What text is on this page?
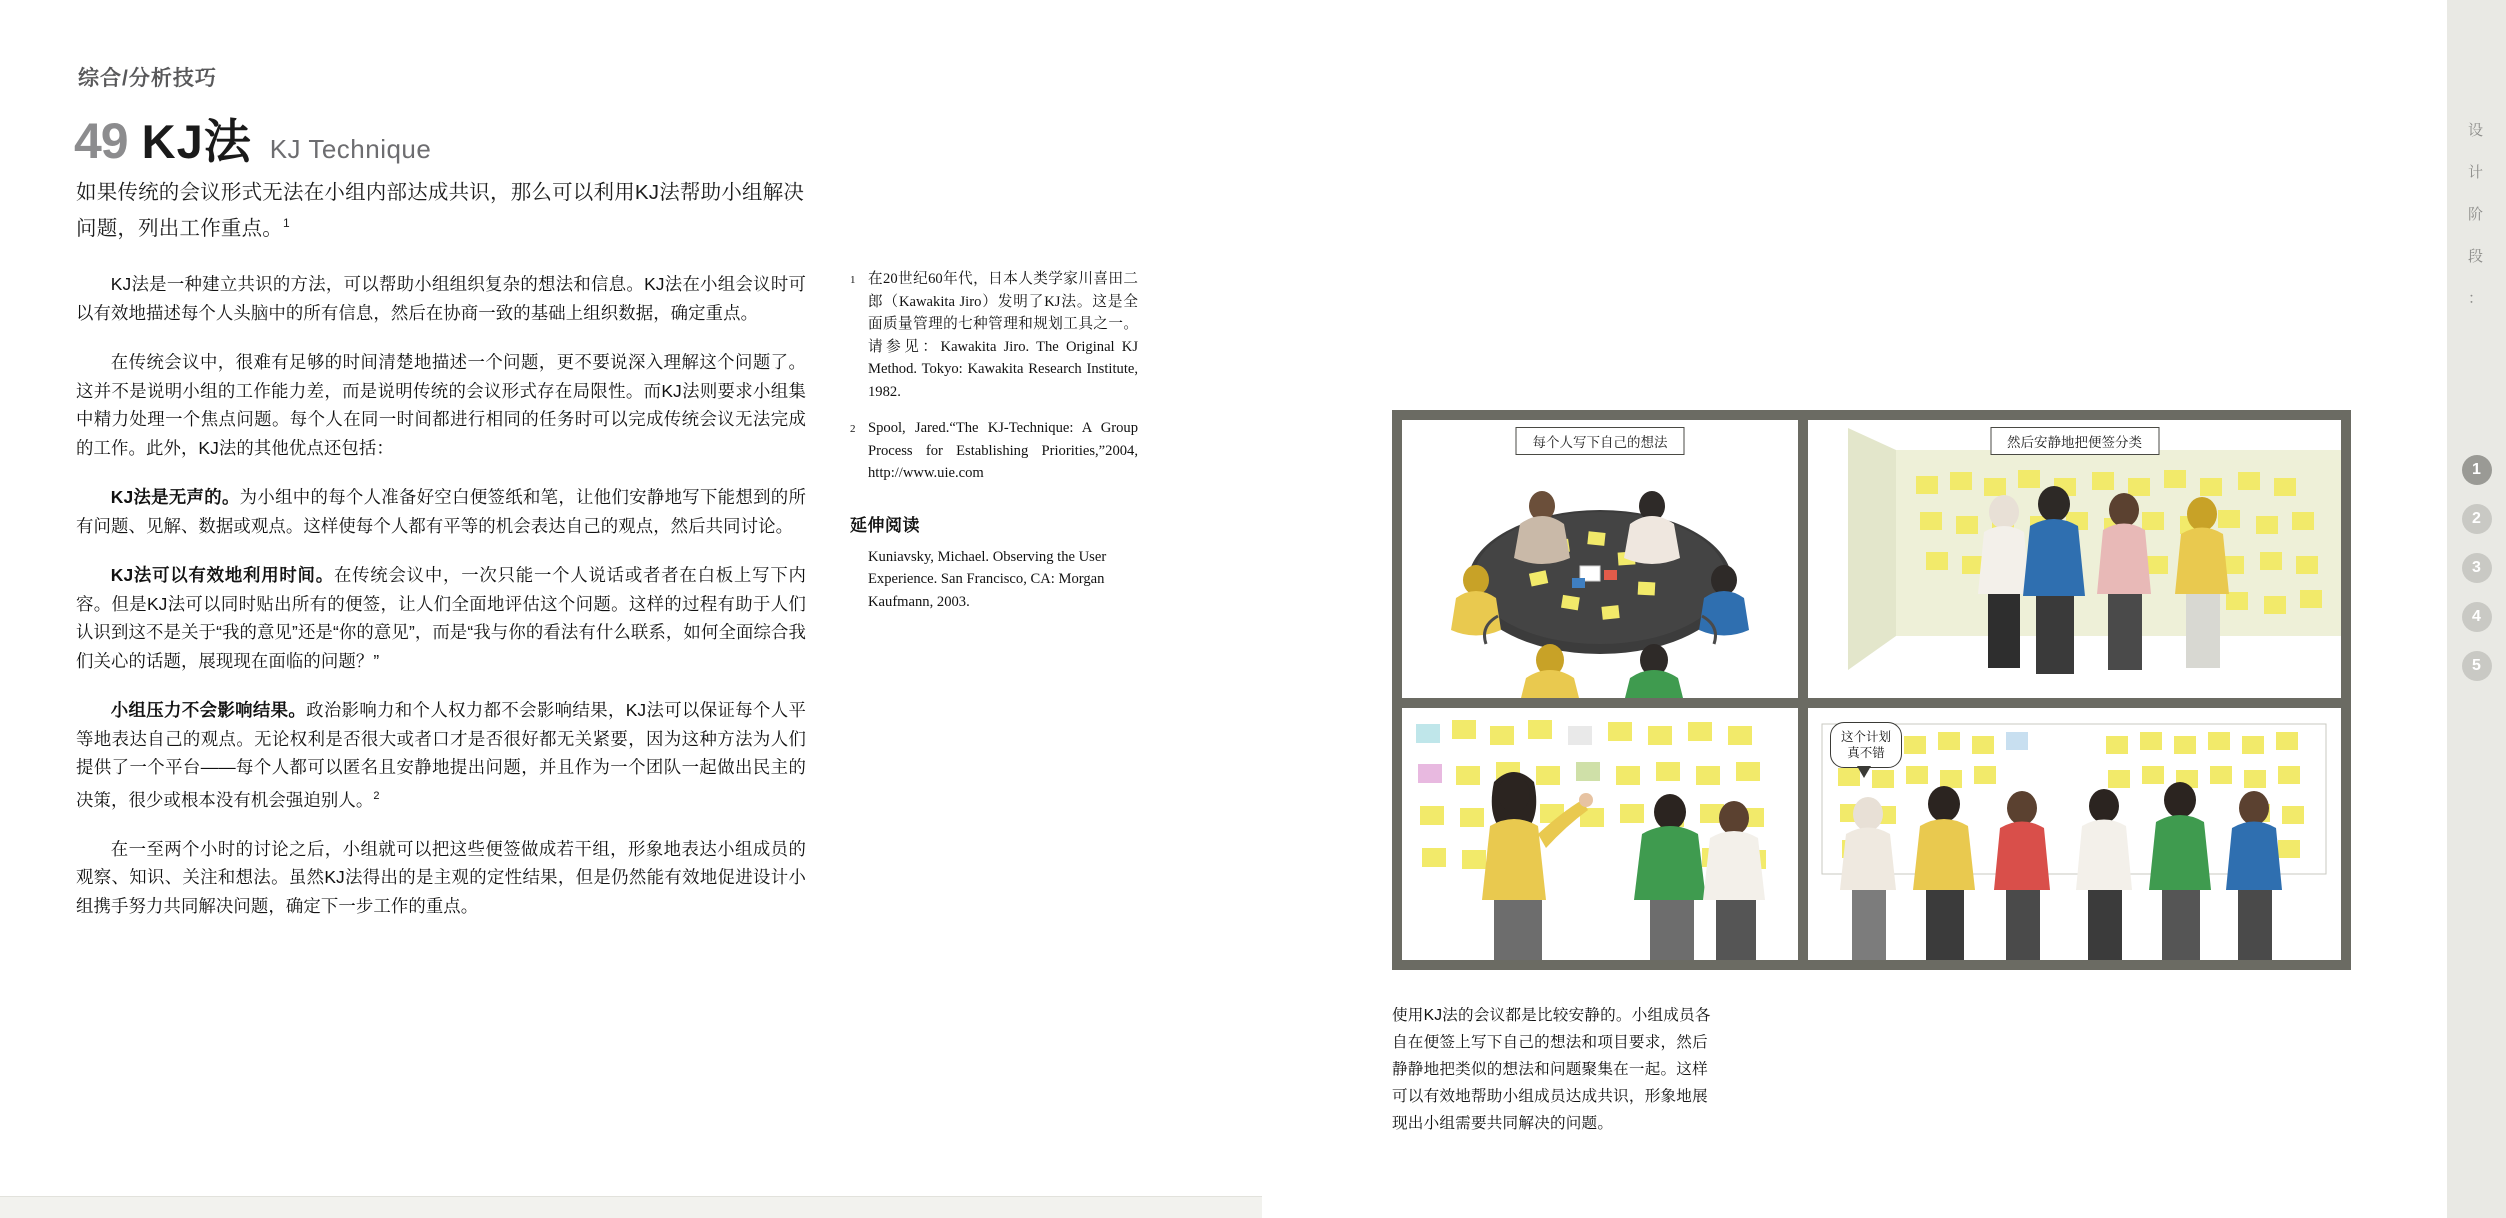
综合/分析技巧
49 KJ法 KJ Technique
如果传统的会议形式无法在小组内部达成共识，那么可以利用KJ法帮助小组解决问题，列出工作重点。$^1$

KJ法是一种建立共识的方法，可以帮助小组组织复杂的想法和信息。KJ法在小组会议时可以有效地描述每个人头脑中的所有信息，然后在协商一致的基础上组织数据，确定重点。

在传统会议中，很难有足够的时间清楚地描述一个问题，更不要说深入理解这个问题了。这并不是说明小组的工作能力差，而是说明传统的会议形式存在局限性。而KJ法则要求小组集中精力处理一个焦点问题。每个人在同一时间都进行相同的任务时可以完成传统会议无法完成的工作。此外，KJ法的其他优点还包括：

KJ法是无声的。为小组中的每个人准备好空白便签纸和笔，让他们安静地写下能想到的所有问题、见解、数据或观点。这样使每个人都有平等的机会表达自己的观点，然后共同讨论。

KJ法可以有效地利用时间。在传统会议中，一次只能一个人说话或者者在白板上写下内容。但是KJ法可以同时贴出所有的便签，让人们全面地评估这个问题。这样的过程有助于人们认识到这不是关于“我的意见”还是“你的意见”，而是“我与你的看法有什么联系，如何全面综合我们关心的话题，展现现在面临的问题？”

小组压力不会影响结果。政治影响力和个人权力都不会影响结果，KJ法可以保证每个人平等地表达自己的观点。无论权利是否很大或者口才是否很好都无关紧要，因为这种方法为人们提供了一个平台——每个人都可以匿名且安静地提出问题，并且作为一个团队一起做出民主的决策，很少或根本没有机会强迫别人。$^2$

在一至两个小时的讨论之后，小组就可以把这些便签做成若干组，形象地表达小组成员的观察、知识、关注和想法。虽然KJ法得出的是主观的定性结果，但是仍然能有效地促进设计小组携手努力共同解决问题，确定下一步工作的重点。

1 在20世纪60年代，日本人类学家川喜田二郎（Kawakita Jiro）发明了KJ法。这是全面质量管理的七种管理和规划工具之一。请参见：Kawakita Jiro. The Original KJ Method. Tokyo: Kawakita Research Institute, 1982.
2 Spool, Jared.“The KJ-Technique: A Group Process for Establishing Priorities,”2004, http://www.uie.com
延伸阅读
Kuniavsky, Michael. Observing the User Experience. San Francisco, CA: Morgan Kaufmann, 2003.
设
计
阶
段
：
1
2
3
4
5
每个人写下自己的想法	然后安静地把便签分类
这个计划
真不错
使用KJ法的会议都是比较安静的。小组成员各自在便签上写下自己的想法和项目要求，然后静静地把类似的想法和问题聚集在一起。这样可以有效地帮助小组成员达成共识，形象地展现出小组需要共同解决的问题。
